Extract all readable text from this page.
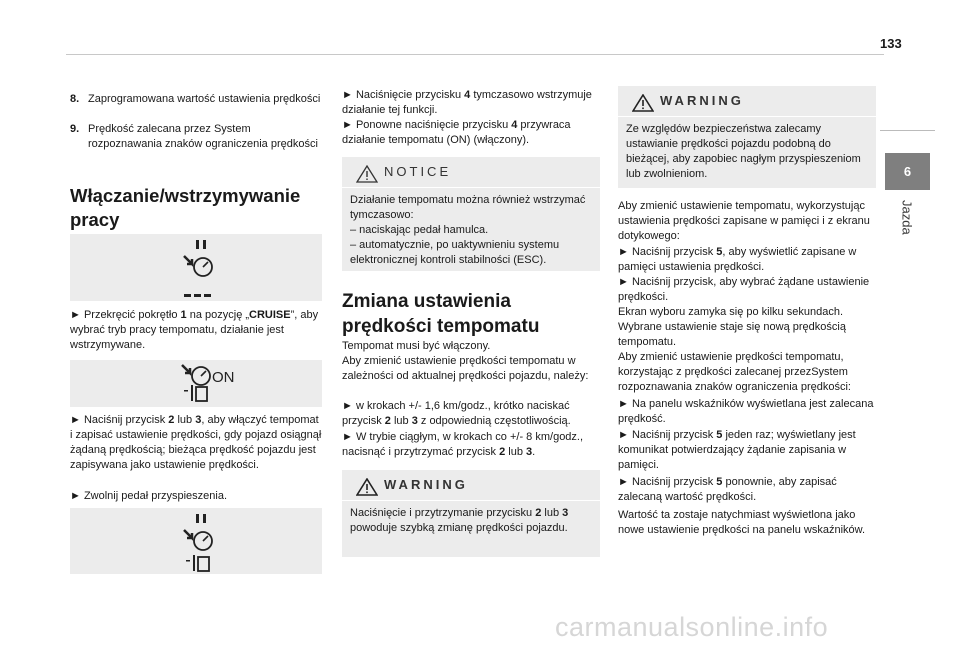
133
6
Jazda
8. Zaprogramowana wartość ustawienia prędkości
9. Prędkość zalecana przez System rozpoznawania znaków ograniczenia prędkości
Włączanie/wstrzymywanie pracy

► Przekręcić pokrętło 1 na pozycję „CRUISE”, aby wybrać tryb pracy tempomatu, działanie jest wstrzymywane.

ON

► Naciśnij przycisk 2 lub 3, aby włączyć tempomat i zapisać ustawienie prędkości, gdy pojazd osiągnął żądaną prędkością; bieżąca prędkość pojazdu jest zapisywana jako ustawienie prędkości.

► Zwolnij pedał przyspieszenia.

► Naciśnięcie przycisku 4 tymczasowo wstrzymuje działanie tej funkcji.

► Ponowne naciśnięcie przycisku 4 przywraca działanie tempomatu (ON) (włączony).

NOTICE
Działanie tempomatu można również wstrzymać tymczasowo:
– naciskając pedał hamulca.
– automatycznie, po uaktywnieniu systemu elektronicznej kontroli stabilności (ESC).
Zmiana ustawienia prędkości tempomatu

Tempomat musi być włączony.

Aby zmienić ustawienie prędkości tempomatu w zależności od aktualnej prędkości pojazdu, należy:

► w krokach +/- 1,6 km/godz., krótko naciskać przycisk 2 lub 3 z odpowiednią częstotliwością.

► W trybie ciągłym, w krokach co +/- 8 km/godz., nacisnąć i przytrzymać przycisk 2 lub 3.

WARNING
Naciśnięcie i przytrzymanie przycisku 2 lub 3 powoduje szybką zmianę prędkości pojazdu.
WARNING
Ze względów bezpieczeństwa zalecamy ustawianie prędkości pojazdu podobną do bieżącej, aby zapobiec nagłym przyspieszeniom lub zwolnieniom.

Aby zmienić ustawienie tempomatu, wykorzystując ustawienia prędkości zapisane w pamięci i z ekranu dotykowego:

► Naciśnij przycisk 5, aby wyświetlić zapisane w pamięci ustawienia prędkości.

► Naciśnij przycisk, aby wybrać żądane ustawienie prędkości.

Ekran wyboru zamyka się po kilku sekundach.

Wybrane ustawienie staje się nową prędkością tempomatu.

Aby zmienić ustawienie prędkości tempomatu, korzystając z prędkości zalecanej przezSystem rozpoznawania znaków ograniczenia prędkości:

► Na panelu wskaźników wyświetlana jest zalecana prędkość.

► Naciśnij przycisk 5 jeden raz; wyświetlany jest komunikat potwierdzający żądanie zapisania w pamięci.

► Naciśnij przycisk 5 ponownie, aby zapisać zalecaną wartość prędkości.

Wartość ta zostaje natychmiast wyświetlona jako nowe ustawienie prędkości na panelu wskaźników.

carmanualsonline.info
